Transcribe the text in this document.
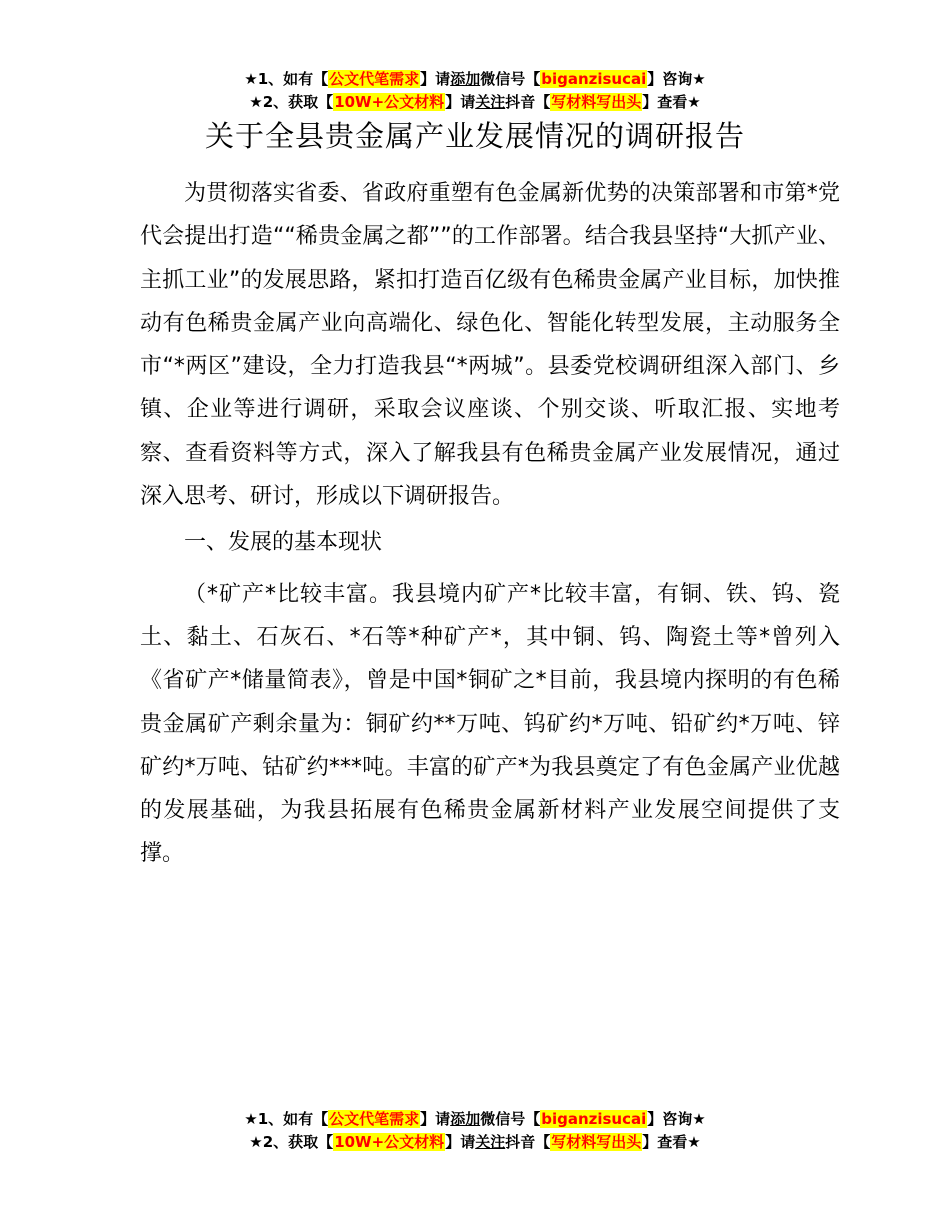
★1、如有【公文代笔需求】请添加微信号【biganzisucai】咨询★
★2、获取【10W+公文材料】请关注抖音【写材料写出头】查看★
关于全县贵金属产业发展情况的调研报告

为贯彻落实省委、省政府重塑有色金属新优势的决策部署和市第*党代会提出打造““稀贵金属之都””的工作部署。结合我县坚持“大抓产业、主抓工业”的发展思路，紧扣打造百亿级有色稀贵金属产业目标，加快推动有色稀贵金属产业向高端化、绿色化、智能化转型发展，主动服务全市“*两区”建设，全力打造我县“*两城”。县委党校调研组深入部门、乡镇、企业等进行调研，采取会议座谈、个别交谈、听取汇报、实地考察、查看资料等方式，深入了解我县有色稀贵金属产业发展情况，通过深入思考、研讨，形成以下调研报告。

一、发展的基本现状

（*矿产*比较丰富。我县境内矿产*比较丰富，有铜、铁、钨、瓷土、黏土、石灰石、*石等*种矿产*，其中铜、钨、陶瓷土等*曾列入《省矿产*储量简表》，曾是中国*铜矿之*目前，我县境内探明的有色稀贵金属矿产剩余量为：铜矿约**万吨、钨矿约*万吨、铅矿约*万吨、锌矿约*万吨、钴矿约***吨。丰富的矿产*为我县奠定了有色金属产业优越的发展基础，为我县拓展有色稀贵金属新材料产业发展空间提供了支撑。

★1、如有【公文代笔需求】请添加微信号【biganzisucai】咨询★
★2、获取【10W+公文材料】请关注抖音【写材料写出头】查看★
